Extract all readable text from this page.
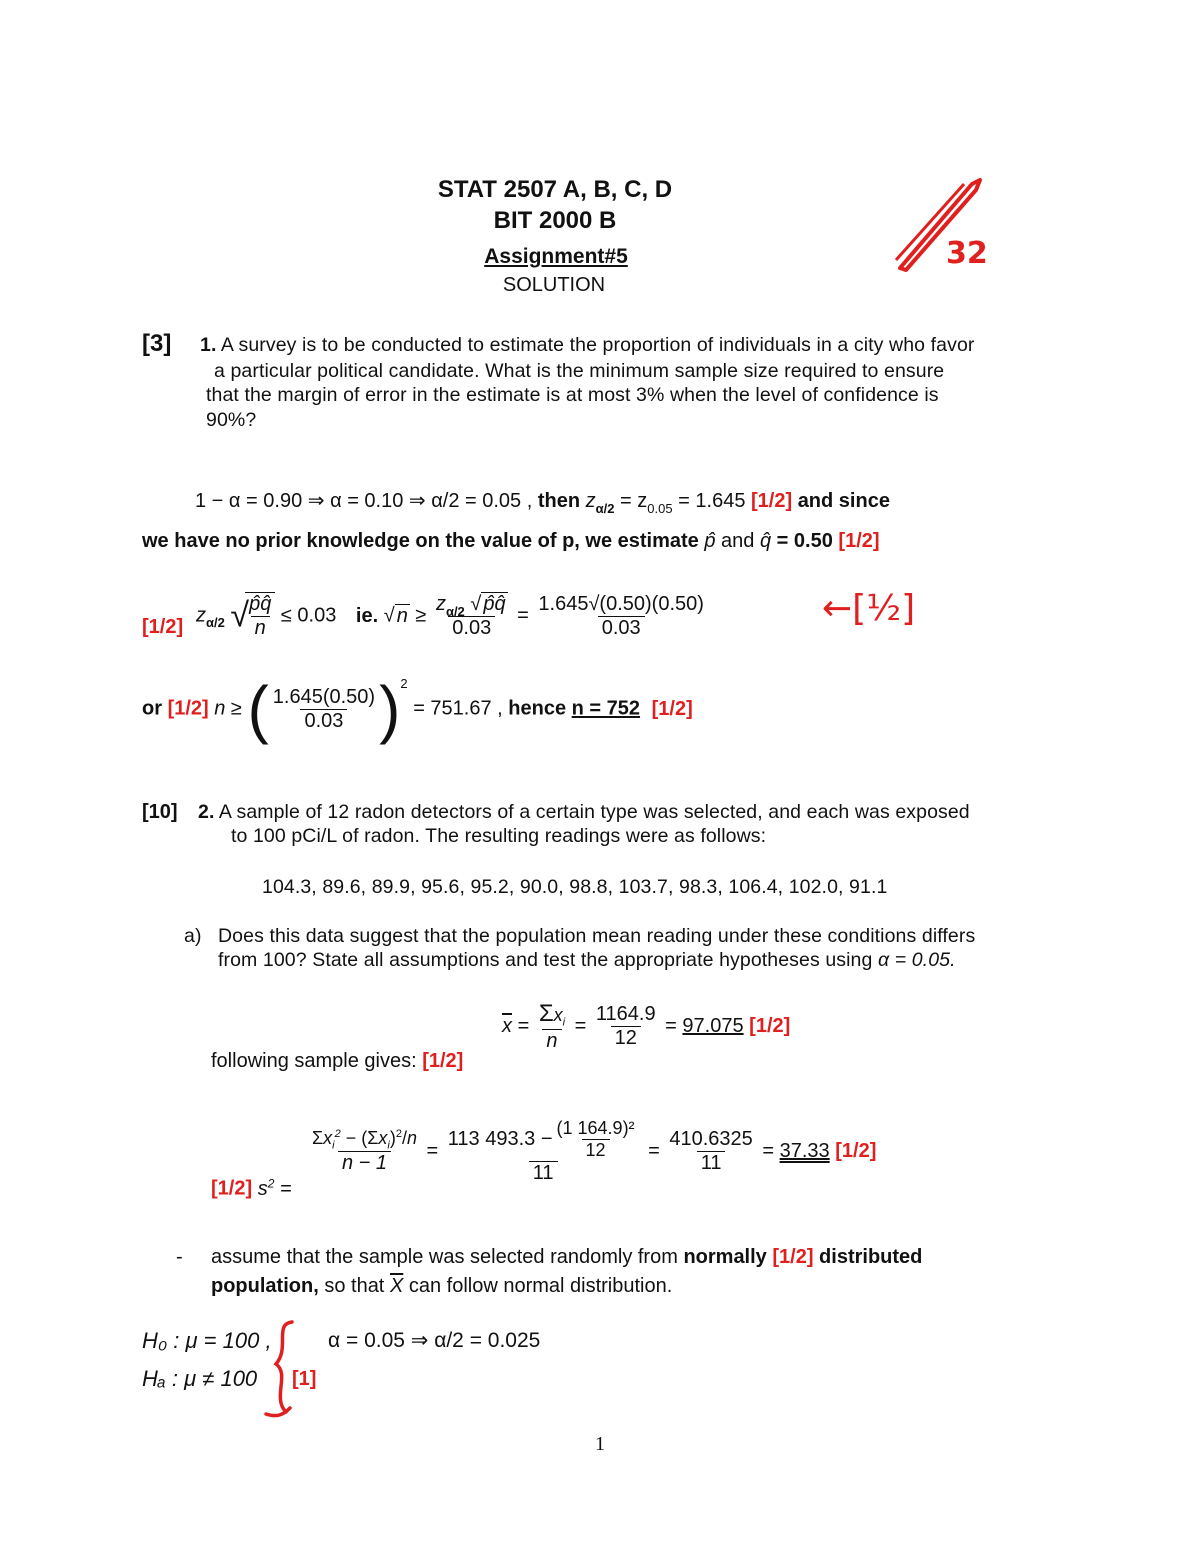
STAT 2507 A, B, C, D
BIT 2000 B
Assignment#5
SOLUTION
32
[3] 1. A survey is to be conducted to estimate the proportion of individuals in a city who favor
a particular political candidate. What is the minimum sample size required to ensure
that the margin of error in the estimate is at most 3% when the level of confidence is
90%?
1 − α = 0.90 ⇒ α = 0.10 ⇒ α/2 = 0.05 , then $z_{\alpha/2} = z_{0.05} = 1.645$ [1/2] and since
we have no prior knowledge on the value of p, we estimate p̂ and q̂ = 0.50 [1/2]
[1/2]
$z_{\alpha/2}$ √
$\frac{p̂q̂}{n} \le 0.03$ ie. √ $n \ge \frac{z_{\alpha/2} √ p̂q̂}{0.03} = \frac{1.645√(0.50)(0.50)}{0.03}$	←[½]
or [1/2] n ≥ ( $\frac{1.645(0.50)}{0.03} )^2 = 751.67$ , hence n = 752 [1/2]
[10] 2. A sample of 12 radon detectors of a certain type was selected, and each was exposed
to 100 pCi/L of radon. The resulting readings were as follows:
104.3, 89.6, 89.9, 95.6, 95.2, 90.0, 98.8, 103.7, 98.3, 106.4, 102.0, 91.1
a) Does this data suggest that the population mean reading under these conditions differs
from 100? State all assumptions and test the appropriate hypotheses using α = 0.05.
following sample gives: [1/2]
$\overline{x} = \frac{\Sigma x_i}{n} = \frac{1164.9}{12} = 97.075$ [1/2]
[1/2] $s^2$ =
$\frac{\Sigma x_i^2 - (\Sigma x_i)^2/n}{n - 1} = \frac{113 493.3 - \frac{\text{(1 164.9)²}}{12}}{11} = \frac{410.6325}{11} = 37.33$ [1/2]
- assume that the sample was selected randomly from normally [1/2] distributed
population, so that $\overline{X}$ can follow normal distribution.
H₀ : μ = 100 ,
Hₐ : μ ≠ 100
α = 0.05 ⇒ α/2 = 0.025
[1]
1
